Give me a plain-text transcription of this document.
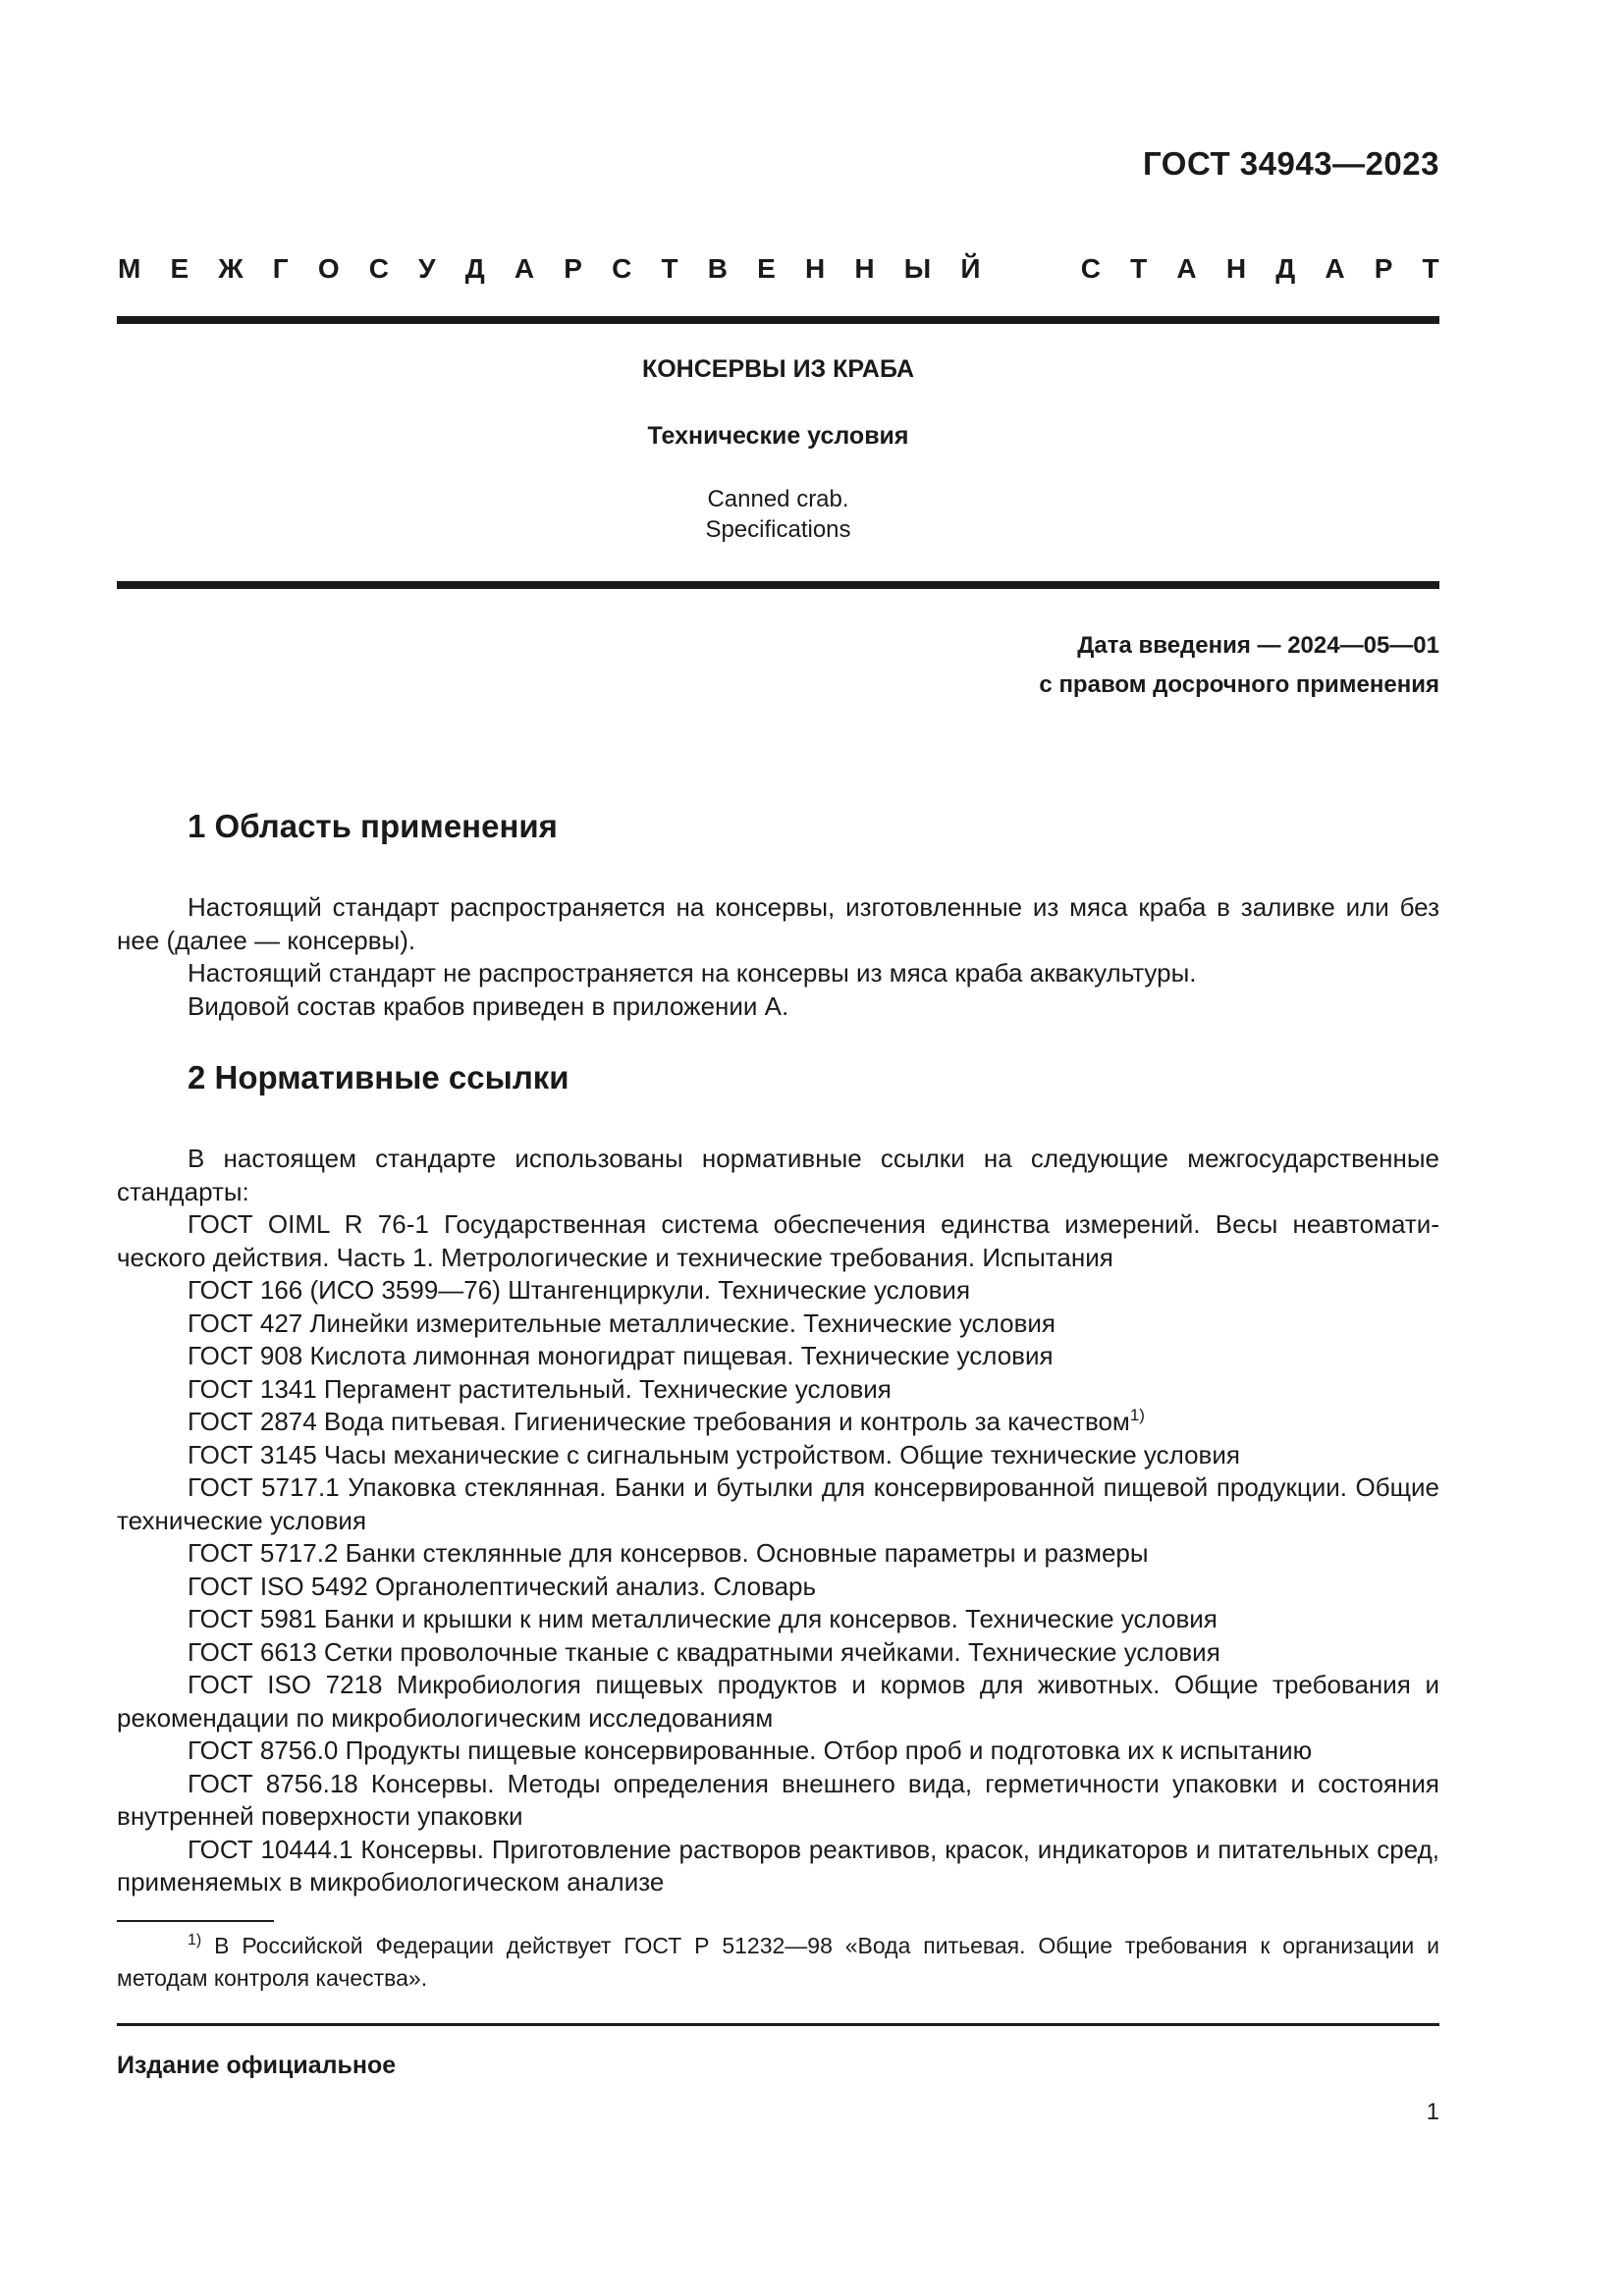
ГОСТ 34943—2023
М Е Ж Г О С У Д А Р С Т В Е Н Н Ы Й	С Т А Н Д А Р Т
КОНСЕРВЫ ИЗ КРАБА
Технические условия
Canned crab.
Specifications
Дата введения — 2024—05—01
с правом досрочного применения
1 Область применения

Настоящий стандарт распространяется на консервы, изготовленные из мяса краба в заливке или без нее (далее — консервы).

Настоящий стандарт не распространяется на консервы из мяса краба аквакультуры.

Видовой состав крабов приведен в приложении А.

2 Нормативные ссылки

В настоящем стандарте использованы нормативные ссылки на следующие межгосударственные стандарты:

ГОСТ OIML R 76-1 Государственная система обеспечения единства измерений. Весы неавтоматического действия. Часть 1. Метрологические и технические требования. Испытания

ГОСТ 166 (ИСО 3599—76) Штангенциркули. Технические условия

ГОСТ 427 Линейки измерительные металлические. Технические условия

ГОСТ 908 Кислота лимонная моногидрат пищевая. Технические условия

ГОСТ 1341 Пергамент растительный. Технические условия

ГОСТ 2874 Вода питьевая. Гигиенические требования и контроль за качеством$^{1)}$

ГОСТ 3145 Часы механические с сигнальным устройством. Общие технические условия

ГОСТ 5717.1 Упаковка стеклянная. Банки и бутылки для консервированной пищевой продукции. Общие технические условия

ГОСТ 5717.2 Банки стеклянные для консервов. Основные параметры и размеры

ГОСТ ISO 5492 Органолептический анализ. Словарь

ГОСТ 5981 Банки и крышки к ним металлические для консервов. Технические условия

ГОСТ 6613 Сетки проволочные тканые с квадратными ячейками. Технические условия

ГОСТ ISO 7218 Микробиология пищевых продуктов и кормов для животных. Общие требования и рекомендации по микробиологическим исследованиям

ГОСТ 8756.0 Продукты пищевые консервированные. Отбор проб и подготовка их к испытанию

ГОСТ 8756.18 Консервы. Методы определения внешнего вида, герметичности упаковки и состояния внутренней поверхности упаковки

ГОСТ 10444.1 Консервы. Приготовление растворов реактивов, красок, индикаторов и питательных сред, применяемых в микробиологическом анализе

$^{1)}$ В Российской Федерации действует ГОСТ Р 51232—98 «Вода питьевая. Общие требования к организации и методам контроля качества».
Издание официальное
1
